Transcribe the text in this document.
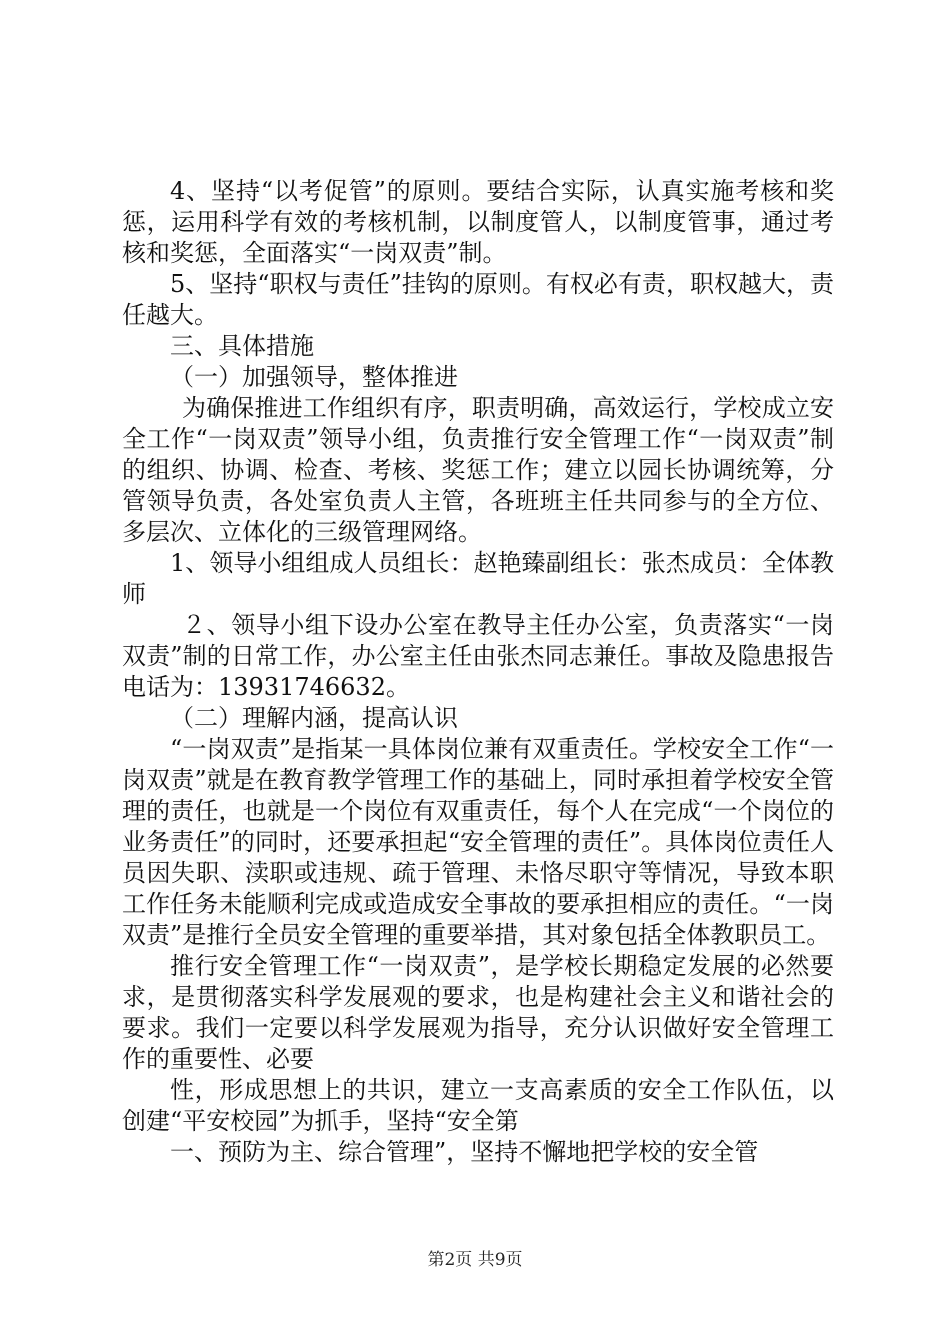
4、坚持“以考促管”的原则。要结合实际，认真实施考核和奖惩，运用科学有效的考核机制，以制度管人，以制度管事，通过考核和奖惩，全面落实“一岗双责”制。

5、坚持“职权与责任”挂钩的原则。有权必有责，职权越大，责任越大。

三、具体措施

（一）加强领导，整体推进

为确保推进工作组织有序，职责明确，高效运行，学校成立安全工作“一岗双责”领导小组，负责推行安全管理工作“一岗双责”制的组织、协调、检查、考核、奖惩工作；建立以园长协调统筹，分管领导负责，各处室负责人主管，各班班主任共同参与的全方位、多层次、立体化的三级管理网络。

1、领导小组组成人员组长：赵艳臻副组长：张杰成员：全体教师

２、领导小组下设办公室在教导主任办公室，负责落实“一岗双责”制的日常工作，办公室主任由张杰同志兼任。事故及隐患报告电话为：13931746632。

（二）理解内涵，提高认识

“一岗双责”是指某一具体岗位兼有双重责任。学校安全工作“一岗双责”就是在教育教学管理工作的基础上，同时承担着学校安全管理的责任，也就是一个岗位有双重责任，每个人在完成“一个岗位的业务责任”的同时，还要承担起“安全管理的责任”。具体岗位责任人员因失职、渎职或违规、疏于管理、未恪尽职守等情况，导致本职工作任务未能顺利完成或造成安全事故的要承担相应的责任。“一岗双责”是推行全员安全管理的重要举措，其对象包括全体教职员工。

推行安全管理工作“一岗双责”，是学校长期稳定发展的必然要求，是贯彻落实科学发展观的要求，也是构建社会主义和谐社会的要求。我们一定要以科学发展观为指导，充分认识做好安全管理工作的重要性、必要

性，形成思想上的共识，建立一支高素质的安全工作队伍，以创建“平安校园”为抓手，坚持“安全第

一、预防为主、综合管理”，坚持不懈地把学校的安全管

第2页 共9页
